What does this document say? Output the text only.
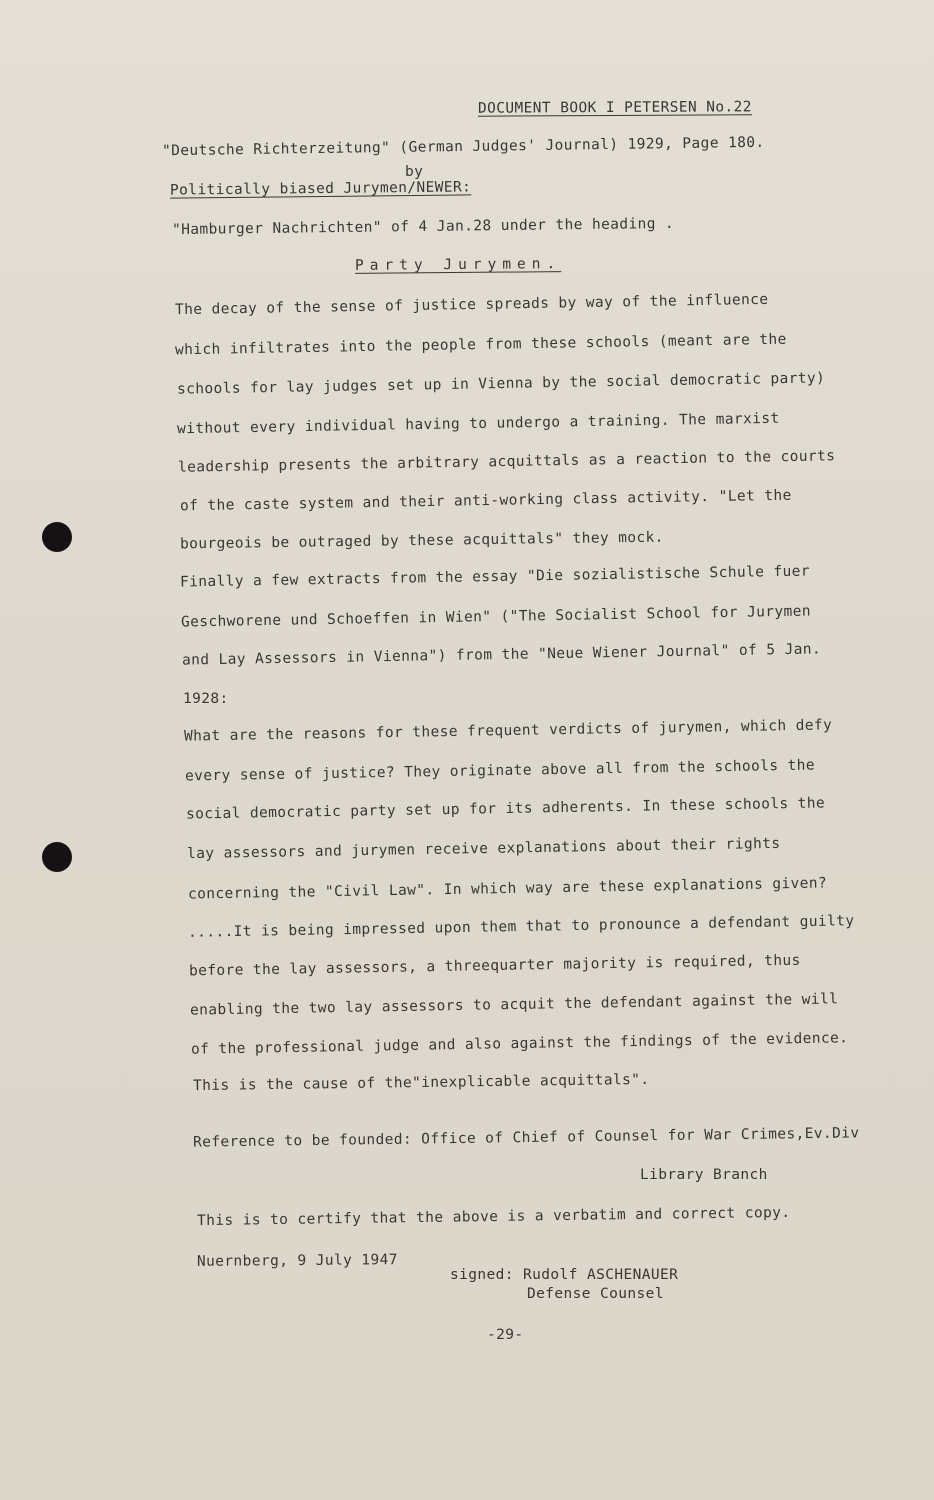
DOCUMENT BOOK I PETERSEN No.22
"Deutsche Richterzeitung" (German Judges' Journal) 1929, Page 180.
by
Politically biased Jurymen/NEWER:
"Hamburger Nachrichten" of 4 Jan.28 under the heading .
Party Jurymen.
The decay of the sense of justice spreads by way of the influence
which infiltrates into the people from these schools (meant are the
schools for lay judges set up in Vienna by the social democratic party)
without every individual having to undergo a training. The marxist
leadership presents the arbitrary acquittals as a reaction to the courts
of the caste system and their anti-working class activity. "Let the
bourgeois be outraged by these acquittals" they mock.
Finally a few extracts from the essay "Die sozialistische Schule fuer
Geschworene und Schoeffen in Wien" ("The Socialist School for Jurymen
and Lay Assessors in Vienna") from the "Neue Wiener Journal" of 5 Jan.
1928:
What are the reasons for these frequent verdicts of jurymen, which defy
every sense of justice? They originate above all from the schools the
social democratic party set up for its adherents. In these schools the
lay assessors and jurymen receive explanations about their rights
concerning the "Civil Law". In which way are these explanations given?
.....It is being impressed upon them that to pronounce a defendant guilty
before the lay assessors, a threequarter majority is required, thus
enabling the two lay assessors to acquit the defendant against the will
of the professional judge and also against the findings of the evidence.
This is the cause of the"inexplicable acquittals".
Reference to be founded: Office of Chief of Counsel for War Crimes,Ev.Div
Library Branch
This is to certify that the above is a verbatim and correct copy.
Nuernberg, 9 July 1947
signed: Rudolf ASCHENAUER
Defense Counsel
-29-
